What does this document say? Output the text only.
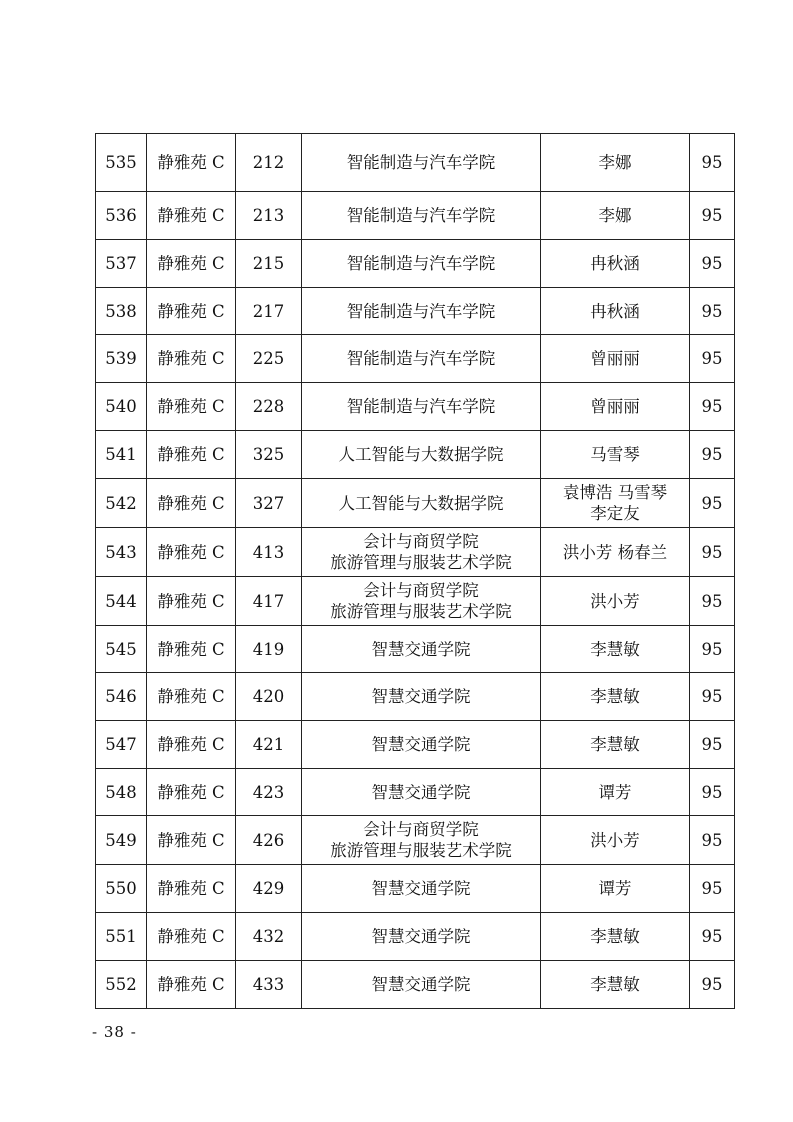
535	静雅苑 C	212	智能制造与汽车学院	李娜	95
536	静雅苑 C	213	智能制造与汽车学院	李娜	95
537	静雅苑 C	215	智能制造与汽车学院	冉秋涵	95
538	静雅苑 C	217	智能制造与汽车学院	冉秋涵	95
539	静雅苑 C	225	智能制造与汽车学院	曾丽丽	95
540	静雅苑 C	228	智能制造与汽车学院	曾丽丽	95
541	静雅苑 C	325	人工智能与大数据学院	马雪琴	95
542	静雅苑 C	327	人工智能与大数据学院	袁博浩 马雪琴
李定友	95
543	静雅苑 C	413	会计与商贸学院
旅游管理与服装艺术学院	洪小芳 杨春兰	95
544	静雅苑 C	417	会计与商贸学院
旅游管理与服装艺术学院	洪小芳	95
545	静雅苑 C	419	智慧交通学院	李慧敏	95
546	静雅苑 C	420	智慧交通学院	李慧敏	95
547	静雅苑 C	421	智慧交通学院	李慧敏	95
548	静雅苑 C	423	智慧交通学院	谭芳	95
549	静雅苑 C	426	会计与商贸学院
旅游管理与服装艺术学院	洪小芳	95
550	静雅苑 C	429	智慧交通学院	谭芳	95
551	静雅苑 C	432	智慧交通学院	李慧敏	95
552	静雅苑 C	433	智慧交通学院	李慧敏	95
- 38 -
